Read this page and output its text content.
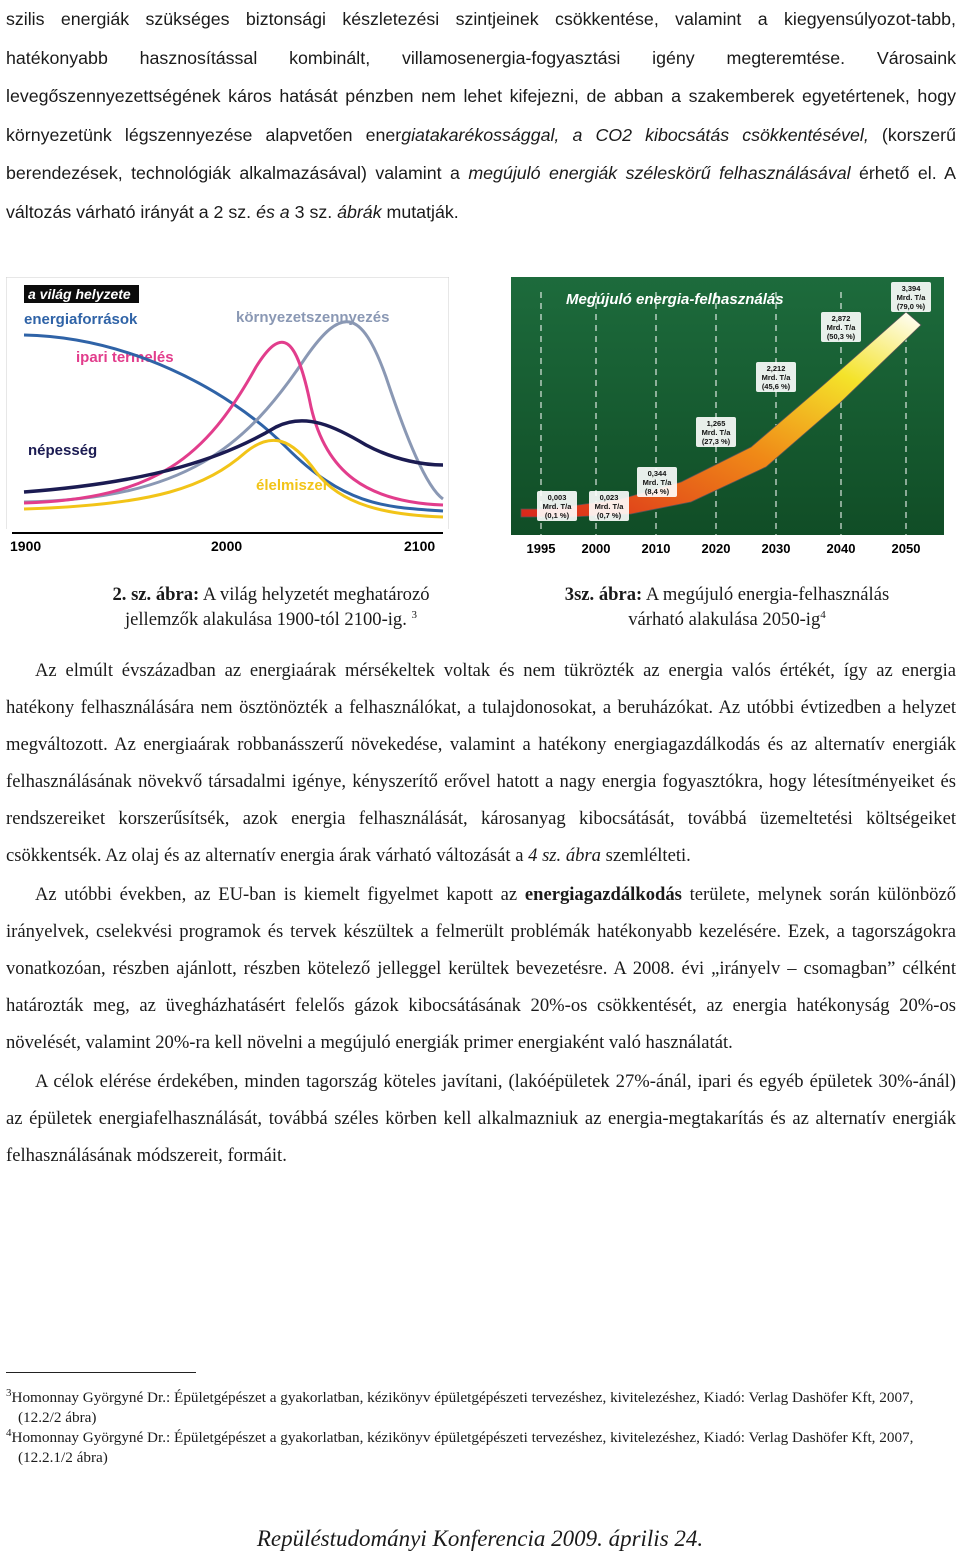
szilis energiák szükséges biztonsági készletezési szintjeinek csökkentése, valamint a kiegyensúlyozot-tabb, hatékonyabb hasznosítással kombinált, villamosenergia-fogyasztási igény megteremtése. Városaink levegőszennyezettségének káros hatását pénzben nem lehet kifejezni, de abban a szakemberek egyetértenek, hogy környezetünk légszennyezése alapvetően energiatakarékossággal, a CO2 kibocsátás csökkentésével, (korszerű berendezések, technológiák alkalmazásával) valamint a megújuló energiák széleskörű felhasználásával érhető el. A változás várható irányát a 2 sz. és a 3 sz. ábrák mutatják.
a világ helyzete
energiaforrások	környezetszennyezés
ipari termelés
népesség
élelmiszer
1900	2000	2100
Megújuló energia-felhasználás
0,003
Mrd. T/a
(0,1 %)
0,023
Mrd. T/a
(0,7 %)
0,344
Mrd. T/a
(8,4 %)
1,265
Mrd. T/a
(27,3 %)
2,212
Mrd. T/a
(45,6 %)
2,872
Mrd. T/a
(50,3 %)
3,394
Mrd. T/a
(79,0 %)
1995 2000 2010 2020 2030	2040	2050
2. sz. ábra: A világ helyzetét meghatározó
jellemzők alakulása 1900-tól 2100-ig. $^3$
3sz. ábra: A megújuló energia-felhasználás
várható alakulása $2050-ig^4$

Az elmúlt évszázadban az energiaárak mérsékeltek voltak és nem tükrözték az energia valós értékét, így az energia hatékony felhasználására nem ösztönözték a felhasználókat, a tulajdonosokat, a beruházókat. Az utóbbi évtizedben a helyzet megváltozott. Az energiaárak robbanásszerű növekedése, valamint a hatékony energiagazdálkodás és az alternatív energiák felhasználásának növekvő társadalmi igénye, kényszerítő erővel hatott a nagy energia fogyasztókra, hogy létesítményeiket és rendszereiket korszerűsítsék, azok energia felhasználását, károsanyag kibocsátását, továbbá üzemeltetési költségeiket csökkentsék. Az olaj és az alternatív energia árak várható változását a 4 sz. ábra szemlélteti.

Az utóbbi években, az EU-ban is kiemelt figyelmet kapott az energiagazdálkodás területe, melynek során különböző irányelvek, cselekvési programok és tervek készültek a felmerült problémák hatékonyabb kezelésére. Ezek, a tagországokra vonatkozóan, részben ajánlott, részben kötelező jelleggel kerültek bevezetésre. A 2008. évi „irányelv – csomagban” célként határozták meg, az üvegházhatásért felelős gázok kibocsátásának 20%-os csökkentését, az energia hatékonyság 20%-os növelését, valamint 20%-ra kell növelni a megújuló energiák primer energiaként való használatát.

A célok elérése érdekében, minden tagország köteles javítani, (lakóépületek 27%-ánál, ipari és egyéb épületek 30%-ánál) az épületek energiafelhasználását, továbbá széles körben kell alkalmazniuk az energia-megtakarítás és az alternatív energiák felhasználásának módszereit, formáit.

$^3$Homonnay Györgyné Dr.: Épületgépészet a gyakorlatban, kézikönyv épületgépészeti tervezéshez, kivitelezéshez, Kiadó: Verlag Dashöfer Kft, 2007, (12.2/2 ábra)
$^4$Homonnay Györgyné Dr.: Épületgépészet a gyakorlatban, kézikönyv épületgépészeti tervezéshez, kivitelezéshez, Kiadó: Verlag Dashöfer Kft, 2007, (12.2.1/2 ábra)
Repüléstudományi Konferencia 2009. április 24.
